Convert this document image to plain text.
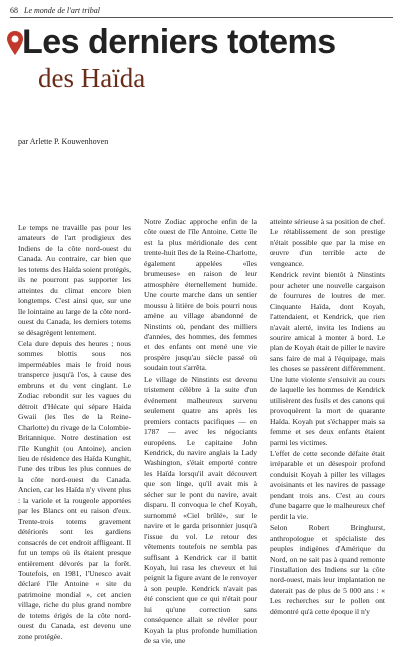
68 Le monde de l'art tribal
Les derniers totems
des Haïda
par Arlette P. Kouwenhoven

Le temps ne travaille pas pour les amateurs de l'art prodigieux des Indiens de la côte nord-ouest du Canada. Au contraire, car bien que les totems des Haïda soient protégés, ils ne pourront pas supporter les atteintes du climat encore bien longtemps. C'est ainsi que, sur une île lointaine au large de la côte nord-ouest du Canada, les derniers totems se désagrègent lentement.

Cela dure depuis des heures ; nous sommes blottis sous nos imperméables mais le froid nous transperce jusqu'à l'os, à cause des embruns et du vent cinglant. Le Zodiac rebondit sur les vagues du détroit d'Hécate qui sépare Haida Gwaii (les îles de la Reine-Charlotte) du rivage de la Colombie-Britannique. Notre destination est l'île Kunghit (ou Antoine), ancien lieu de résidence des Haïda Kunghit, l'une des tribus les plus connues de la côte nord-ouest du Canada. Ancien, car les Haïda n'y vivent plus : la variole et la rougeole apportées par les Blancs ont eu raison d'eux. Trente-trois totems gravement détériorés sont les gardiens consacrés de cet endroit affligeant. Il fut un temps où ils étaient presque entièrement dévorés par la forêt. Toutefois, en 1981, l'Unesco avait déclaré l'île Antoine « site du patrimoine mondial », cet ancien village, riche du plus grand nombre de totems érigés de la côte nord-ouest du Canada, est devenu une zone protégée.

Notre Zodiac approche enfin de la côte ouest de l'île Antoine. Cette île est la plus méridionale des cent trente-huit îles de la Reine-Charlotte, également appelées «îles brumeuses» en raison de leur atmosphère éternellement humide. Une courte marche dans un sentier moussu à litière de bois pourri nous amène au village abandonné de Ninstints où, pendant des milliers d'années, des hommes, des femmes et des enfants ont mené une vie prospère jusqu'au siècle passé où soudain tout s'arrêta.

Le village de Ninstints est devenu tristement célèbre à la suite d'un événement malheureux survenu seulement quatre ans après les premiers contacts pacifiques — en 1787 — avec les négociants européens. Le capitaine John Kendrick, du navire anglais la Lady Washington, s'était emporté contre les Haïda lorsqu'il avait découvert que son linge, qu'il avait mis à sécher sur le pont du navire, avait disparu. Il convoqua le chef Koyah, surnommé «Ciel brûlé», sur le navire et le garda prisonnier jusqu'à l'issue du vol. Le retour des vêtements toutefois ne sembla pas suffisant à Kendrick car il battit Koyah, lui rasa les cheveux et lui peignit la figure avant de le renvoyer à son peuple. Kendrick n'avait pas été conscient que ce qui n'était pour lui qu'une correction sans conséquence allait se révéler pour Koyah la plus profonde humiliation de sa vie, une

atteinte sérieuse à sa position de chef. Le rétablissement de son prestige n'était possible que par la mise en œuvre d'un terrible acte de vengeance.

Kendrick revint bientôt à Ninstints pour acheter une nouvelle cargaison de fourrures de loutres de mer. Cinquante Haïda, dont Koyah, l'attendaient, et Kendrick, que rien n'avait alerté, invita les Indiens au sourire amical à monter à bord. Le plan de Koyah était de piller le navire sans faire de mal à l'équipage, mais les choses se passèrent différemment. Une lutte violente s'ensuivit au cours de laquelle les hommes de Kendrick utilisèrent des fusils et des canons qui provoquèrent la mort de quarante Haïda. Koyah put s'échapper mais sa femme et ses deux enfants étaient parmi les victimes.

L'effet de cette seconde défaite était irréparable et un désespoir profond conduisit Koyah à piller les villages avoisinants et les navires de passage pendant trois ans. C'est au cours d'une bagarre que le malheureux chef perdit la vie.

Selon Robert Bringhurst, anthropologue et spécialiste des peuples indigènes d'Amérique du Nord, on ne sait pas à quand remonte l'installation des Indiens sur la côte nord-ouest, mais leur implantation ne daterait pas de plus de 5 000 ans : « Les recherches sur le pollen ont démontré qu'à cette époque il n'y
